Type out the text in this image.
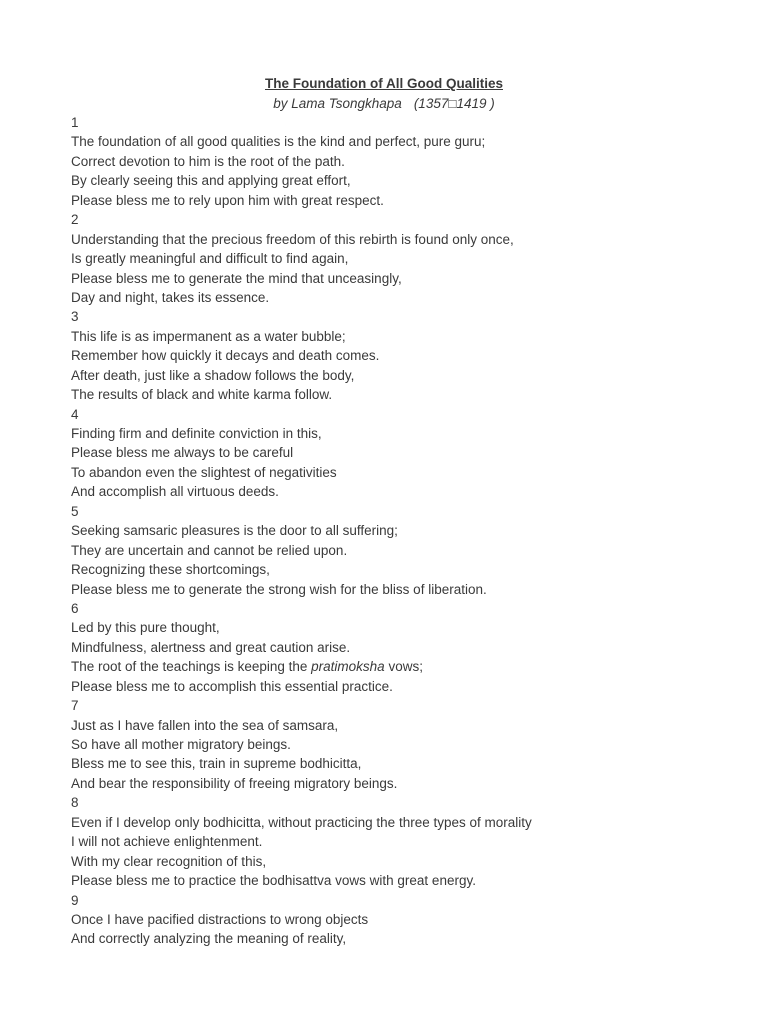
The Foundation of All Good Qualities
by Lama Tsongkhapa (1357□1419 )
1
The foundation of all good qualities is the kind and perfect, pure guru;
Correct devotion to him is the root of the path.
By clearly seeing this and applying great effort,
Please bless me to rely upon him with great respect.
2
Understanding that the precious freedom of this rebirth is found only once,
Is greatly meaningful and difficult to find again,
Please bless me to generate the mind that unceasingly,
Day and night, takes its essence.
3
This life is as impermanent as a water bubble;
Remember how quickly it decays and death comes.
After death, just like a shadow follows the body,
The results of black and white karma follow.
4
Finding firm and definite conviction in this,
Please bless me always to be careful
To abandon even the slightest of negativities
And accomplish all virtuous deeds.
5
Seeking samsaric pleasures is the door to all suffering;
They are uncertain and cannot be relied upon.
Recognizing these shortcomings,
Please bless me to generate the strong wish for the bliss of liberation.
6
Led by this pure thought,
Mindfulness, alertness and great caution arise.
The root of the teachings is keeping the pratimoksha vows;
Please bless me to accomplish this essential practice.
7
Just as I have fallen into the sea of samsara,
So have all mother migratory beings.
Bless me to see this, train in supreme bodhicitta,
And bear the responsibility of freeing migratory beings.
8
Even if I develop only bodhicitta, without practicing the three types of morality
I will not achieve enlightenment.
With my clear recognition of this,
Please bless me to practice the bodhisattva vows with great energy.
9
Once I have pacified distractions to wrong objects
And correctly analyzing the meaning of reality,
